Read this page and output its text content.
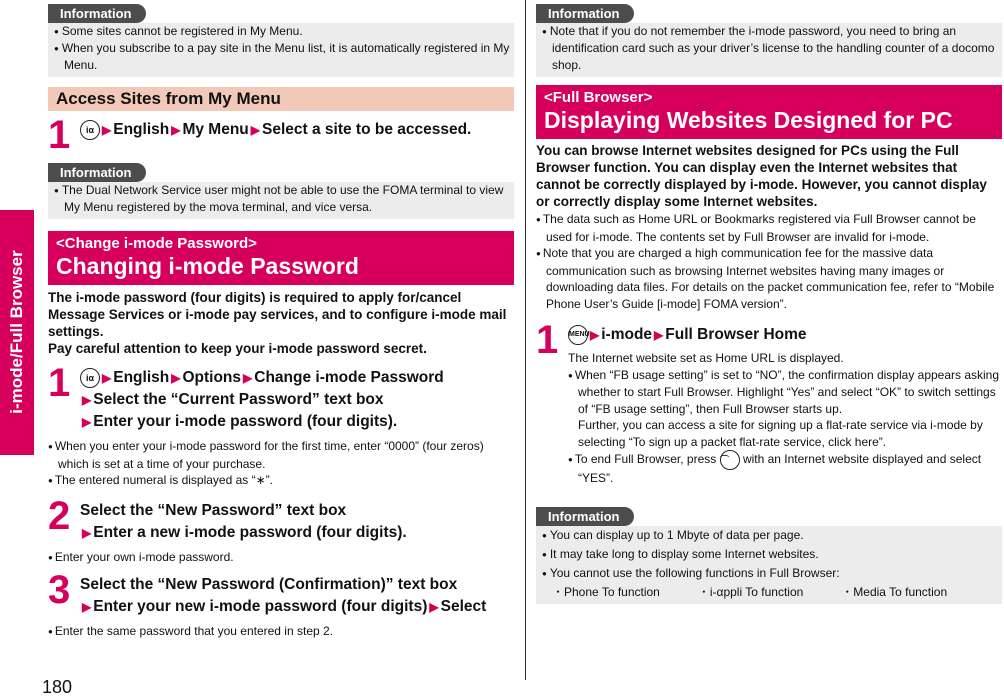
i-mode/Full Browser
180
Information
● Some sites cannot be registered in My Menu.
● When you subscribe to a pay site in the Menu list, it is automatically registered in My Menu.
Access Sites from My Menu
1	iα ▶ English ▶ My Menu ▶ Select a site to be accessed.
Information
● The Dual Network Service user might not be able to use the FOMA terminal to view My Menu registered by the mova terminal, and vice versa.
<Change i-mode Password>
Changing i-mode Password
The i-mode password (four digits) is required to apply for/cancel Message Services or i-mode pay services, and to configure i-mode mail settings.
Pay careful attention to keep your i-mode password secret.
1	iα ▶ English ▶ Options ▶ Change i-mode Password
▶ Select the “Current Password” text box
▶ Enter your i-mode password (four digits).
● When you enter your i-mode password for the first time, enter “0000” (four zeros) which is set at a time of your purchase.
● The entered numeral is displayed as “∗”.
2 Select the “New Password” text box
▶ Enter a new i-mode password (four digits).
● Enter your own i-mode password.
3 Select the “New Password (Confirmation)” text box
▶ Enter your new i-mode password (four digits) ▶ Select
● Enter the same password that you entered in step 2.
Information
● Note that if you do not remember the i-mode password, you need to bring an identification card such as your driver’s license to the handling counter of a docomo shop.
<Full Browser>
Displaying Websites Designed for PC
You can browse Internet websites designed for PCs using the Full Browser function. You can display even the Internet websites that cannot be correctly displayed by i-mode. However, you cannot display or correctly display some Internet websites.
● The data such as Home URL or Bookmarks registered via Full Browser cannot be used for i-mode. The contents set by Full Browser are invalid for i-mode.
● Note that you are charged a high communication fee for the massive data communication such as browsing Internet websites having many images or downloading data files. For details on the packet communication fee, refer to “Mobile Phone User’s Guide [i-mode] FOMA version”.
1 MENU▶ i-mode ▶ Full Browser Home
The Internet website set as Home URL is displayed.
● When “FB usage setting” is set to “NO”, the confirmation display appears asking whether to start Full Browser. Highlight “Yes” and select “OK” to switch settings of “FB usage setting”, then Full Browser starts up.
Further, you can access a site for signing up a flat-rate service via i-mode by selecting “To sign up a packet flat-rate service, click here”.
● To end Full Browser, press ⌒ with an Internet website displayed and select “YES”.
Information
● You can display up to 1 Mbyte of data per page.
● It may take long to display some Internet websites.
● You cannot use the following functions in Full Browser:
・Phone To function	・i-αppli To function	・Media To function
